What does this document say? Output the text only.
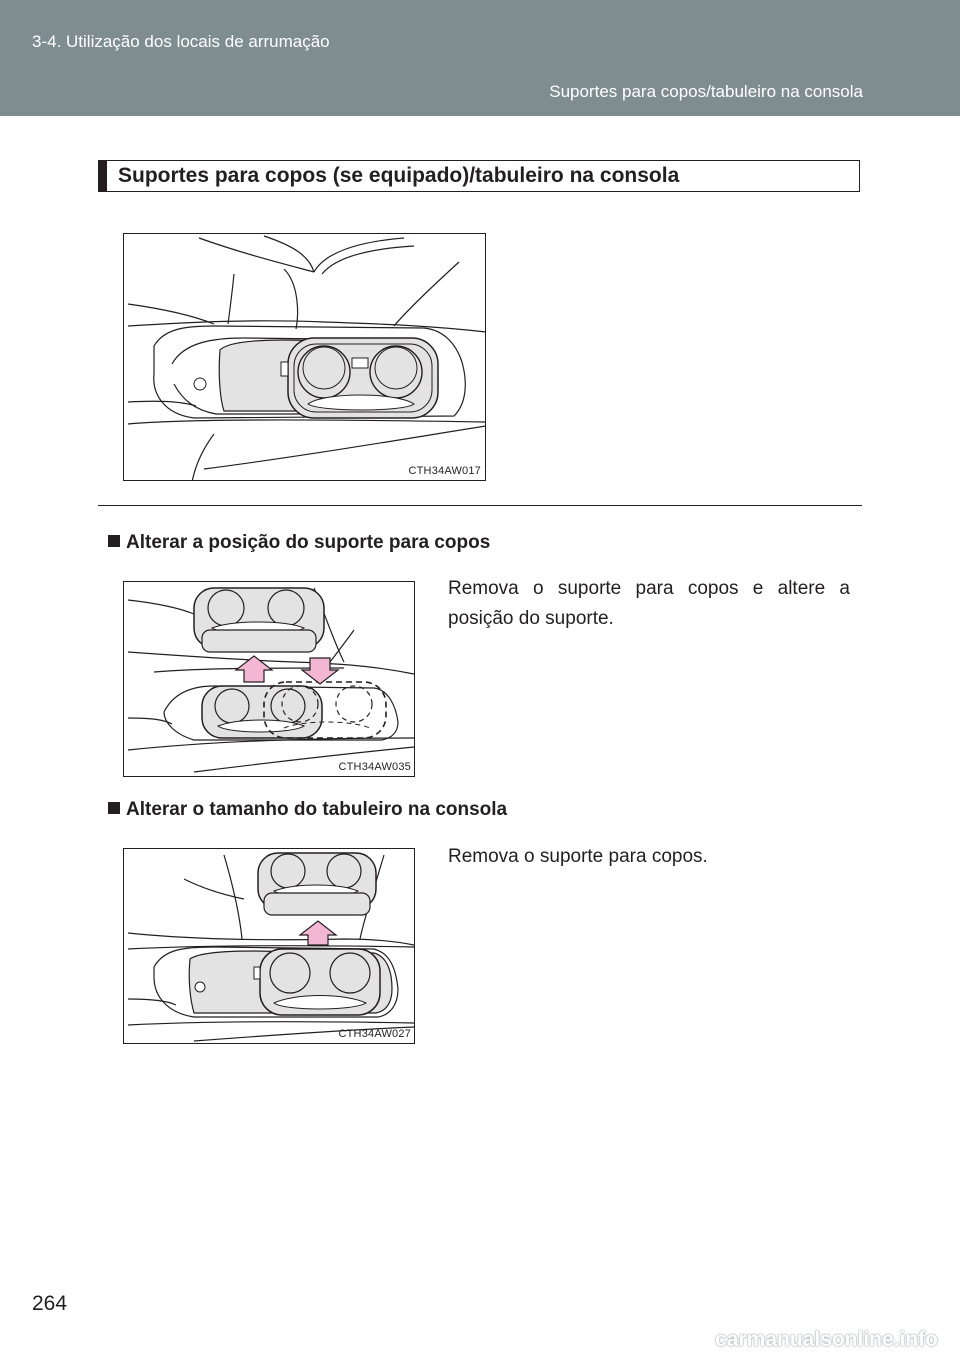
3-4. Utilização dos locais de arrumação
Suportes para copos/tabuleiro na consola
Suportes para copos (se equipado)/tabuleiro na consola
CTH34AW017
Alterar a posição do suporte para copos
Remova o suporte para copos e altere a posição do suporte.
CTH34AW035
Alterar o tamanho do tabuleiro na consola
Remova o suporte para copos.
CTH34AW027
264
carmanualsonline.info
